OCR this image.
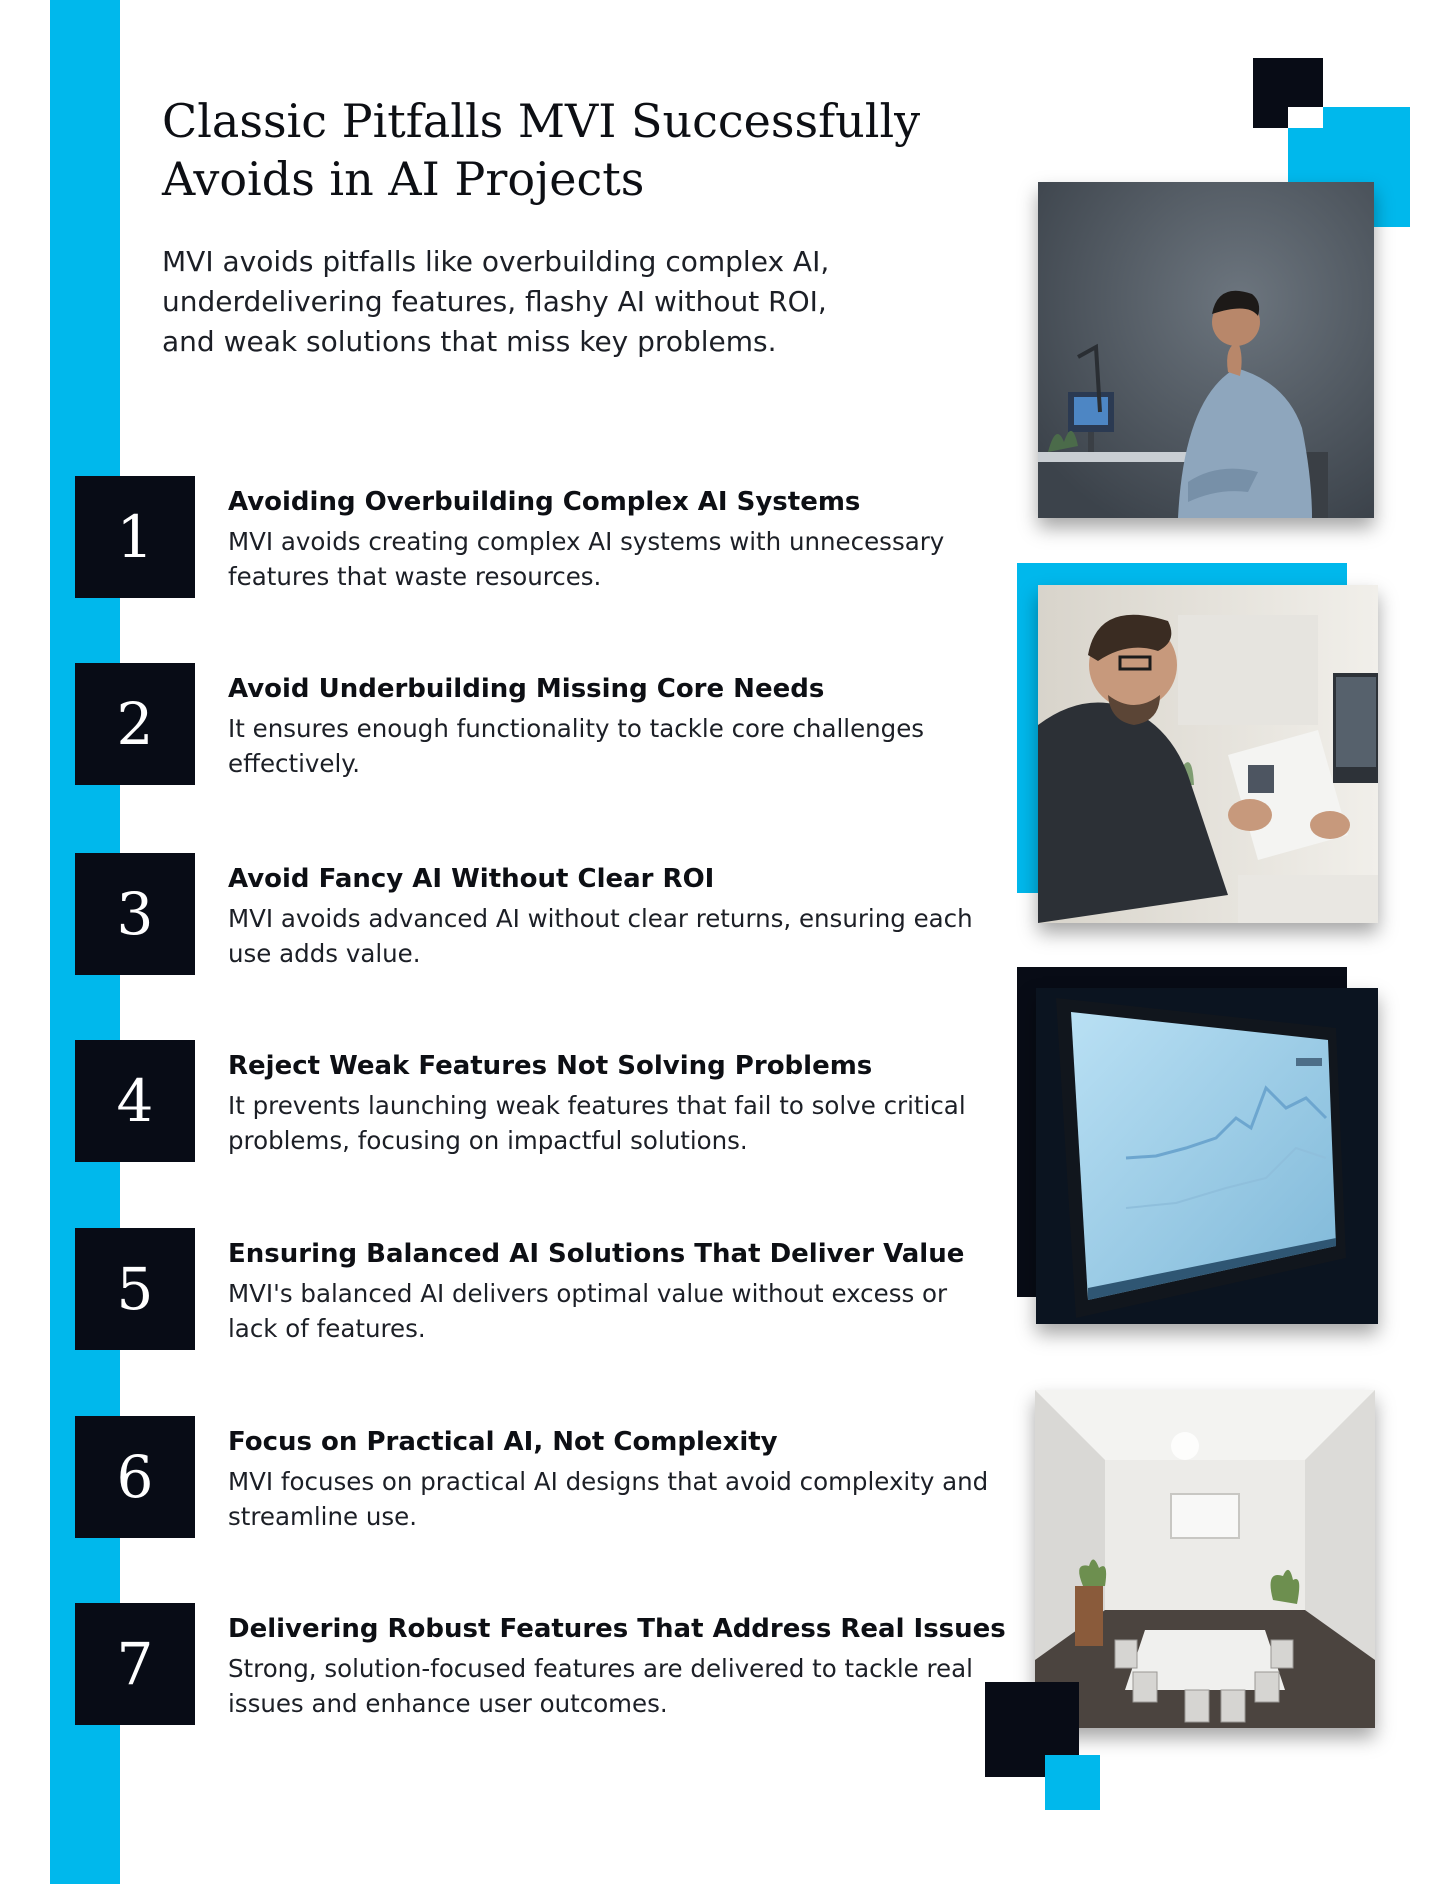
Classic Pitfalls MVI Successfully Avoids in AI Projects

MVI avoids pitfalls like overbuilding complex AI, underdelivering features, flashy AI without ROI, and weak solutions that miss key problems.

1
Avoiding Overbuilding Complex AI Systems

MVI avoids creating complex AI systems with unnecessary features that waste resources.

2
Avoid Underbuilding Missing Core Needs

It ensures enough functionality to tackle core challenges effectively.

3
Avoid Fancy AI Without Clear ROI

MVI avoids advanced AI without clear returns, ensuring each use adds value.

4
Reject Weak Features Not Solving Problems

It prevents launching weak features that fail to solve critical problems, focusing on impactful solutions.

5
Ensuring Balanced AI Solutions That Deliver Value

MVI's balanced AI delivers optimal value without excess or lack of features.

6
Focus on Practical AI, Not Complexity

MVI focuses on practical AI designs that avoid complexity and streamline use.

7
Delivering Robust Features That Address Real Issues

Strong, solution-focused features are delivered to tackle real issues and enhance user outcomes.
